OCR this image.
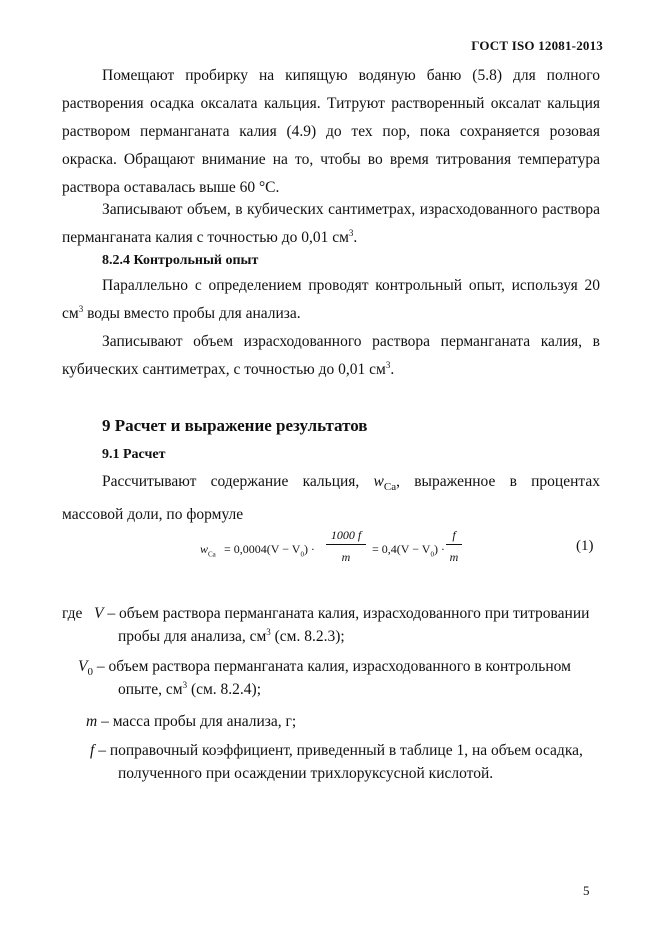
ГОСТ ISO 12081-2013
Помещают пробирку на кипящую водяную баню (5.8) для полного растворения осадка оксалата кальция. Титруют растворенный оксалат кальция раствором перманганата калия (4.9) до тех пор, пока сохраняется розовая окраска. Обращают внимание на то, чтобы во время титрования температура раствора оставалась выше 60 °С.
Записывают объем, в кубических сантиметрах, израсходованного раствора перманганата калия с точностью до 0,01 $см^3$.
8.2.4 Контрольный опыт
Параллельно с определением проводят контрольный опыт, используя 20 $см^3$ воды вместо пробы для анализа.
Записывают объем израсходованного раствора перманганата калия, в кубических сантиметрах, с точностью до 0,01 $см^3$.
9 Расчет и выражение результатов
9.1 Расчет
Рассчитывают содержание кальция, $w_{Ca}$, выраженное в процентах массовой доли, по формуле
$w_{Ca} = 0,0004(V - V_0) \cdot \frac{1000 f}{m} = 0,4(V - V_0) \cdot \frac{f}{m}$	(1)
где V – объем раствора перманганата калия, израсходованного при титровании
пробы для анализа, $см^3$ (см. 8.2.3);
$V_0$ – объем раствора перманганата калия, израсходованного в контрольном
опыте, $см^3$ (см. 8.2.4);
m – масса пробы для анализа, г;
f – поправочный коэффициент, приведенный в таблице 1, на объем осадка,
полученного при осаждении трихлоруксусной кислотой.
5
